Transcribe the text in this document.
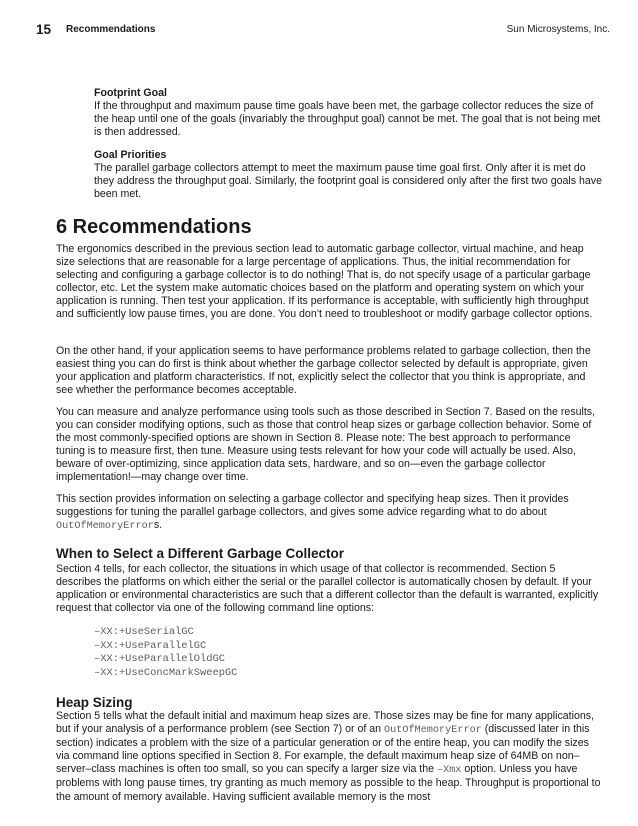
15 Recommendations	Sun Microsystems, Inc.
Footprint Goal
If the throughput and maximum pause time goals have been met, the garbage collector reduces the size of the heap until one of the goals (invariably the throughput goal) cannot be met. The goal that is not being met is then addressed.
Goal Priorities
The parallel garbage collectors attempt to meet the maximum pause time goal first. Only after it is met do they address the throughput goal. Similarly, the footprint goal is considered only after the first two goals have been met.
6 Recommendations
The ergonomics described in the previous section lead to automatic garbage collector, virtual machine, and heap size selections that are reasonable for a large percentage of applications. Thus, the initial recommendation for selecting and configuring a garbage collector is to do nothing! That is, do not specify usage of a particular garbage collector, etc. Let the system make automatic choices based on the platform and operating system on which your application is running. Then test your application. If its performance is acceptable, with sufficiently high throughput and sufficiently low pause times, you are done. You don’t need to troubleshoot or modify garbage collector options.
On the other hand, if your application seems to have performance problems related to garbage collection, then the easiest thing you can do first is think about whether the garbage collector selected by default is appropriate, given your application and platform characteristics. If not, explicitly select the collector that you think is appropriate, and see whether the performance becomes acceptable.
You can measure and analyze performance using tools such as those described in Section 7. Based on the results, you can consider modifying options, such as those that control heap sizes or garbage collection behavior. Some of the most commonly-specified options are shown in Section 8. Please note: The best approach to performance tuning is to measure first, then tune. Measure using tests relevant for how your code will actually be used. Also, beware of over-optimizing, since application data sets, hardware, and so on—even the garbage collector implementation!—may change over time.
This section provides information on selecting a garbage collector and specifying heap sizes. Then it provides suggestions for tuning the parallel garbage collectors, and gives some advice regarding what to do about OutOfMemoryErrors.
When to Select a Different Garbage Collector
Section 4 tells, for each collector, the situations in which usage of that collector is recommended. Section 5 describes the platforms on which either the serial or the parallel collector is automatically chosen by default. If your application or environmental characteristics are such that a different collector than the default is warranted, explicitly request that collector via one of the following command line options:
–XX:+UseSerialGC
–XX:+UseParallelGC
–XX:+UseParallelOldGC
–XX:+UseConcMarkSweepGC
Heap Sizing
Section 5 tells what the default initial and maximum heap sizes are. Those sizes may be fine for many applications, but if your analysis of a performance problem (see Section 7) or of an OutOfMemoryError (discussed later in this section) indicates a problem with the size of a particular generation or of the entire heap, you can modify the sizes via command line options specified in Section 8. For example, the default maximum heap size of 64MB on non–server–class machines is often too small, so you can specify a larger size via the –Xmx option. Unless you have problems with long pause times, try granting as much memory as possible to the heap. Throughput is proportional to the amount of memory available. Having sufficient available memory is the most
